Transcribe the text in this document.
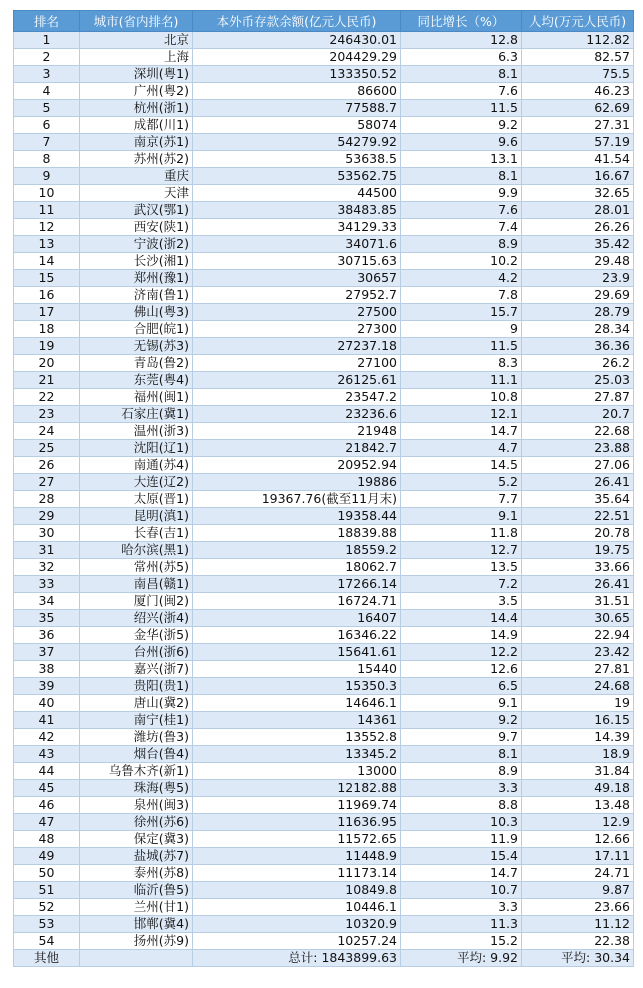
排名	城市(省内排名)	本外币存款余额(亿元人民币)	同比增长（%）	人均(万元人民币)
1	北京	246430.01	12.8	112.82
2	上海	204429.29	6.3	82.57
3	深圳(粤1)	133350.52	8.1	75.5
4	广州(粤2)	86600	7.6	46.23
5	杭州(浙1)	77588.7	11.5	62.69
6	成都(川1)	58074	9.2	27.31
7	南京(苏1)	54279.92	9.6	57.19
8	苏州(苏2)	53638.5	13.1	41.54
9	重庆	53562.75	8.1	16.67
10	天津	44500	9.9	32.65
11	武汉(鄂1)	38483.85	7.6	28.01
12	西安(陕1)	34129.33	7.4	26.26
13	宁波(浙2)	34071.6	8.9	35.42
14	长沙(湘1)	30715.63	10.2	29.48
15	郑州(豫1)	30657	4.2	23.9
16	济南(鲁1)	27952.7	7.8	29.69
17	佛山(粤3)	27500	15.7	28.79
18	合肥(皖1)	27300	9	28.34
19	无锡(苏3)	27237.18	11.5	36.36
20	青岛(鲁2)	27100	8.3	26.2
21	东莞(粤4)	26125.61	11.1	25.03
22	福州(闽1)	23547.2	10.8	27.87
23	石家庄(冀1)	23236.6	12.1	20.7
24	温州(浙3)	21948	14.7	22.68
25	沈阳(辽1)	21842.7	4.7	23.88
26	南通(苏4)	20952.94	14.5	27.06
27	大连(辽2)	19886	5.2	26.41
28	太原(晋1)	19367.76(截至11月末)	7.7	35.64
29	昆明(滇1)	19358.44	9.1	22.51
30	长春(吉1)	18839.88	11.8	20.78
31	哈尔滨(黑1)	18559.2	12.7	19.75
32	常州(苏5)	18062.7	13.5	33.66
33	南昌(赣1)	17266.14	7.2	26.41
34	厦门(闽2)	16724.71	3.5	31.51
35	绍兴(浙4)	16407	14.4	30.65
36	金华(浙5)	16346.22	14.9	22.94
37	台州(浙6)	15641.61	12.2	23.42
38	嘉兴(浙7)	15440	12.6	27.81
39	贵阳(贵1)	15350.3	6.5	24.68
40	唐山(冀2)	14646.1	9.1	19
41	南宁(桂1)	14361	9.2	16.15
42	潍坊(鲁3)	13552.8	9.7	14.39
43	烟台(鲁4)	13345.2	8.1	18.9
44	乌鲁木齐(新1)	13000	8.9	31.84
45	珠海(粤5)	12182.88	3.3	49.18
46	泉州(闽3)	11969.74	8.8	13.48
47	徐州(苏6)	11636.95	10.3	12.9
48	保定(冀3)	11572.65	11.9	12.66
49	盐城(苏7)	11448.9	15.4	17.11
50	泰州(苏8)	11173.14	14.7	24.71
51	临沂(鲁5)	10849.8	10.7	9.87
52	兰州(甘1)	10446.1	3.3	23.66
53	邯郸(冀4)	10320.9	11.3	11.12
54	扬州(苏9)	10257.24	15.2	22.38
其他		总计: 1843899.63	平均: 9.92	平均: 30.34
